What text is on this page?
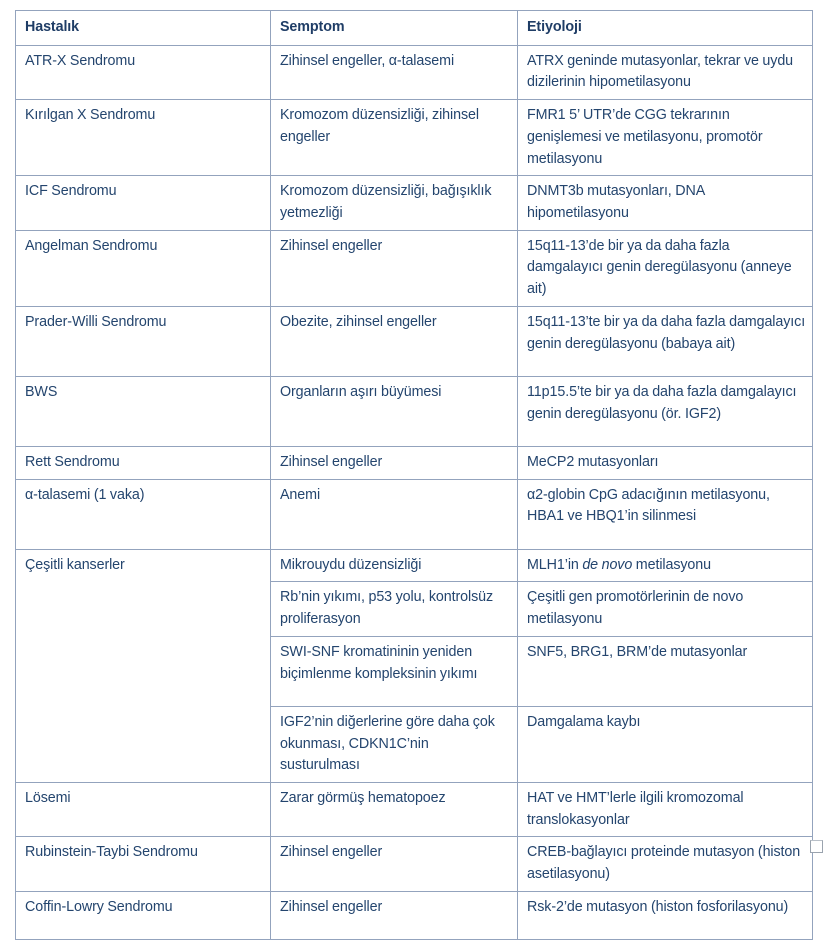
Hastalık	Semptom	Etiyoloji

ATR-X Sendromu	Zihinsel engeller, α-talasemi	ATRX geninde mutasyonlar, tekrar ve uydu dizilerinin hipometilasyonu

Kırılgan X Sendromu	Kromozom düzensizliği, zihinsel engeller	FMR1 5’ UTR’de CGG tekrarının genişlemesi ve metilasyonu, promotör metilasyonu

ICF Sendromu	Kromozom düzensizliği, bağışıklık yetmezliği	DNMT3b mutasyonları, DNA hipometilasyonu

Angelman Sendromu	Zihinsel engeller	15q11-13’de bir ya da daha fazla damgalayıcı genin deregülasyonu (anneye ait)

Prader-Willi Sendromu	Obezite, zihinsel engeller	15q11-13’te bir ya da daha fazla damgalayıcı genin deregülasyonu (babaya ait)

BWS	Organların aşırı büyümesi	11p15.5’te bir ya da daha fazla damgalayıcı genin deregülasyonu (ör. IGF2)

Rett Sendromu	Zihinsel engeller	MeCP2 mutasyonları

α-talasemi (1 vaka)	Anemi	α2-globin CpG adacığının metilasyonu, HBA1 ve HBQ1’in silinmesi

Çeşitli kanserler	Mikrouydu düzensizliği	MLH1’in de novo metilasyonu

	Rb’nin yıkımı, p53 yolu, kontrolsüz proliferasyon	Çeşitli gen promotörlerinin de novo metilasyonu

	SWI-SNF kromatininin yeniden biçimlenme kompleksinin yıkımı	SNF5, BRG1, BRM’de mutasyonlar

	IGF2’nin diğerlerine göre daha çok okunması, CDKN1C’nin susturulması	Damgalama kaybı

Lösemi	Zarar görmüş hematopoez	HAT ve HMT’lerle ilgili kromozomal translokasyonlar

Rubinstein-Taybi Sendromu	Zihinsel engeller	CREB-bağlayıcı proteinde mutasyon (histon asetilasyonu)

Coffin-Lowry Sendromu	Zihinsel engeller	Rsk-2’de mutasyon (histon fosforilasyonu)
